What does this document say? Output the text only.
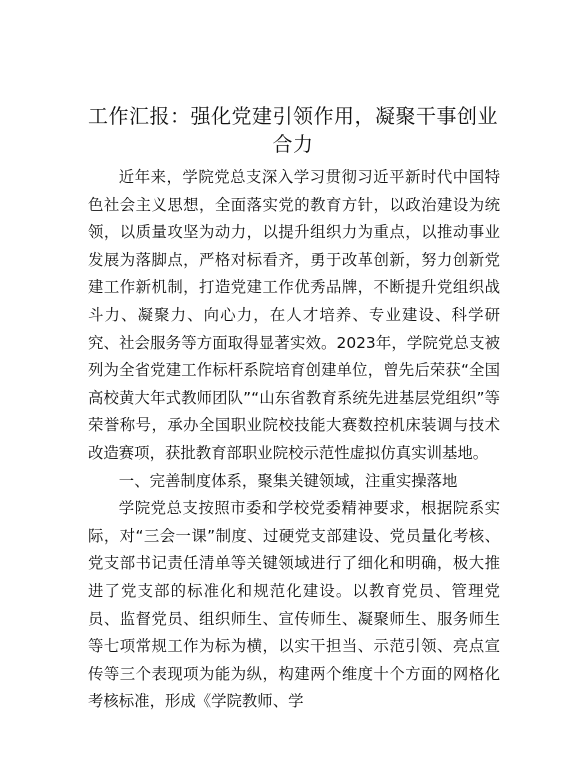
工作汇报：强化党建引领作用，凝聚干事创业合力

近年来，学院党总支深入学习贯彻习近平新时代中国特色社会主义思想，全面落实党的教育方针，以政治建设为统领，以质量攻坚为动力，以提升组织力为重点，以推动事业发展为落脚点，严格对标看齐，勇于改革创新，努力创新党建工作新机制，打造党建工作优秀品牌，不断提升党组织战斗力、凝聚力、向心力，在人才培养、专业建设、科学研究、社会服务等方面取得显著实效。2023年，学院党总支被列为全省党建工作标杆系院培育创建单位，曾先后荣获“全国高校黄大年式教师团队”“山东省教育系统先进基层党组织”等荣誉称号，承办全国职业院校技能大赛数控机床装调与技术改造赛项，获批教育部职业院校示范性虚拟仿真实训基地。

一、完善制度体系，聚集关键领域，注重实操落地

学院党总支按照市委和学校党委精神要求，根据院系实际，对“三会一课”制度、过硬党支部建设、党员量化考核、党支部书记责任清单等关键领域进行了细化和明确，极大推进了党支部的标准化和规范化建设。以教育党员、管理党员、监督党员、组织师生、宣传师生、凝聚师生、服务师生等七项常规工作为标为横，以实干担当、示范引领、亮点宣传等三个表现项为能为纵，构建两个维度十个方面的网格化考核标准，形成《学院教师、学
